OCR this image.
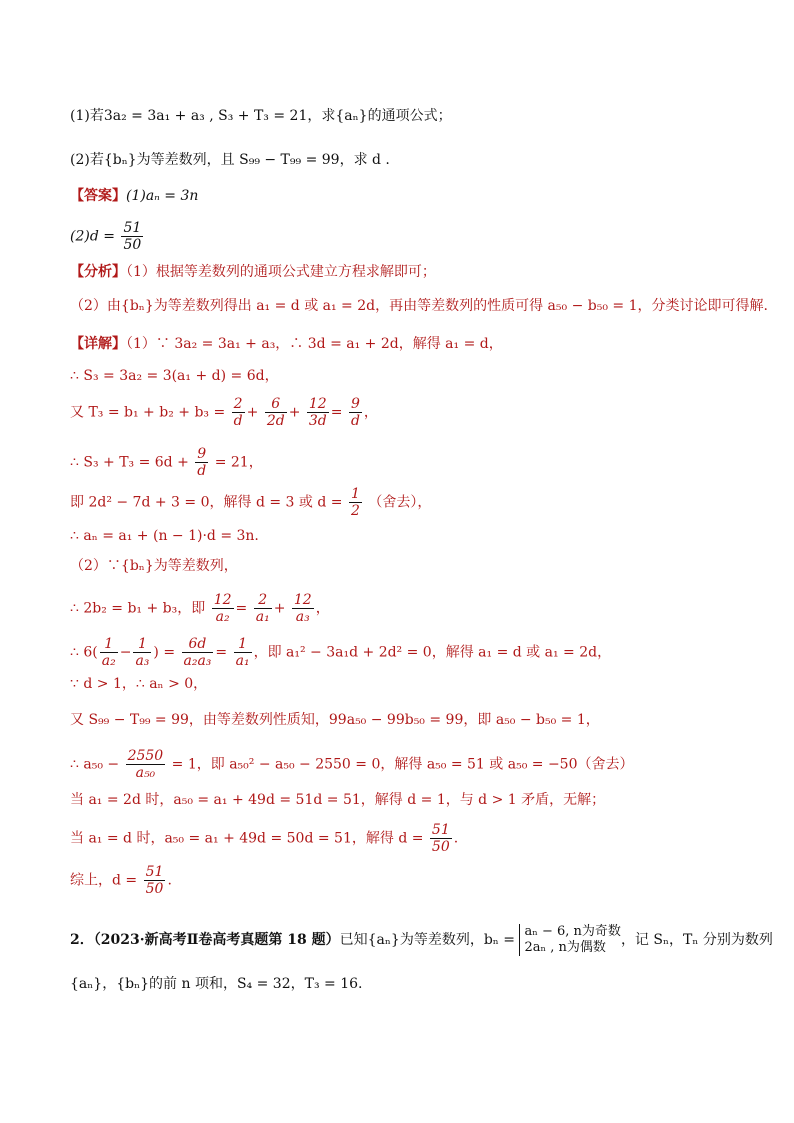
(1)若3a₂ = 3a₁ + a₃ , S₃ + T₃ = 21，求{aₙ}的通项公式；
(2)若{bₙ}为等差数列，且 S₉₉ − T₉₉ = 99，求 d .
【答案】(1)aₙ = 3n
$(2)d = \frac{51}{50}$
【分析】（1）根据等差数列的通项公式建立方程求解即可；
（2）由{bₙ}为等差数列得出 a₁ = d 或 a₁ = 2d，再由等差数列的性质可得 a₅₀ − b₅₀ = 1，分类讨论即可得解.
【详解】（1）∵ 3a₂ = 3a₁ + a₃，∴ 3d = a₁ + 2d，解得 a₁ = d，
∴ S₃ = 3a₂ = 3(a₁ + d) = 6d，
又 $T_3 = b_1 + b_2 + b_3 = \frac{2}{d} + \frac{6}{2d} + \frac{12}{3d} = \frac{9}{d}$ ，
∴ $S_3 + T_3 = 6d + \frac{9}{d} = 21$，
即 2d² − 7d + 3 = 0，解得 d = 3 或 $d = \frac{1}{2}$ （舍去），
∴ aₙ = a₁ + (n − 1)·d = 3n.
（2）∵{bₙ}为等差数列，
∴ 2b₂ = b₁ + b₃，即 $\frac{12}{\text{a₂}} = \frac{2}{\text{a₁}} + \frac{12}{\text{a₃}}$ ，
∴ $6( \frac{1}{\text{a₂}} - \frac{1}{\text{a₃}}$ ) = $\frac{6d}{\text{a₂a₃}} = \frac{1}{\text{a₁}}$ ，即 a₁² − 3a₁d + 2d² = 0，解得 a₁ = d 或 a₁ = 2d，
∵ d > 1，∴ aₙ > 0，
又 S₉₉ − T₉₉ = 99，由等差数列性质知，99a₅₀ − 99b₅₀ = 99，即 a₅₀ − b₅₀ = 1，
∴ $a_{50} - \frac{2550}{\text{a₅₀}} = 1$，即 a₅₀² − a₅₀ − 2550 = 0，解得 a₅₀ = 51 或 a₅₀ = −50（舍去）
当 a₁ = 2d 时，a₅₀ = a₁ + 49d = 51d = 51，解得 d = 1，与 d > 1 矛盾，无解；
当 a₁ = d 时，a₅₀ = a₁ + 49d = 50d = 51，解得 $d = \frac{51}{50}$ .
综上，$d = \frac{51}{50}$ .
2．（2023·新高考Ⅱ卷高考真题第 18 题）已知{aₙ}为等差数列，bₙ =
aₙ − 6, n为奇数
2aₙ , n为偶数	，记 Sₙ，Tₙ 分别为数列
{aₙ}，{bₙ}的前 n 项和，S₄ = 32，T₃ = 16.
